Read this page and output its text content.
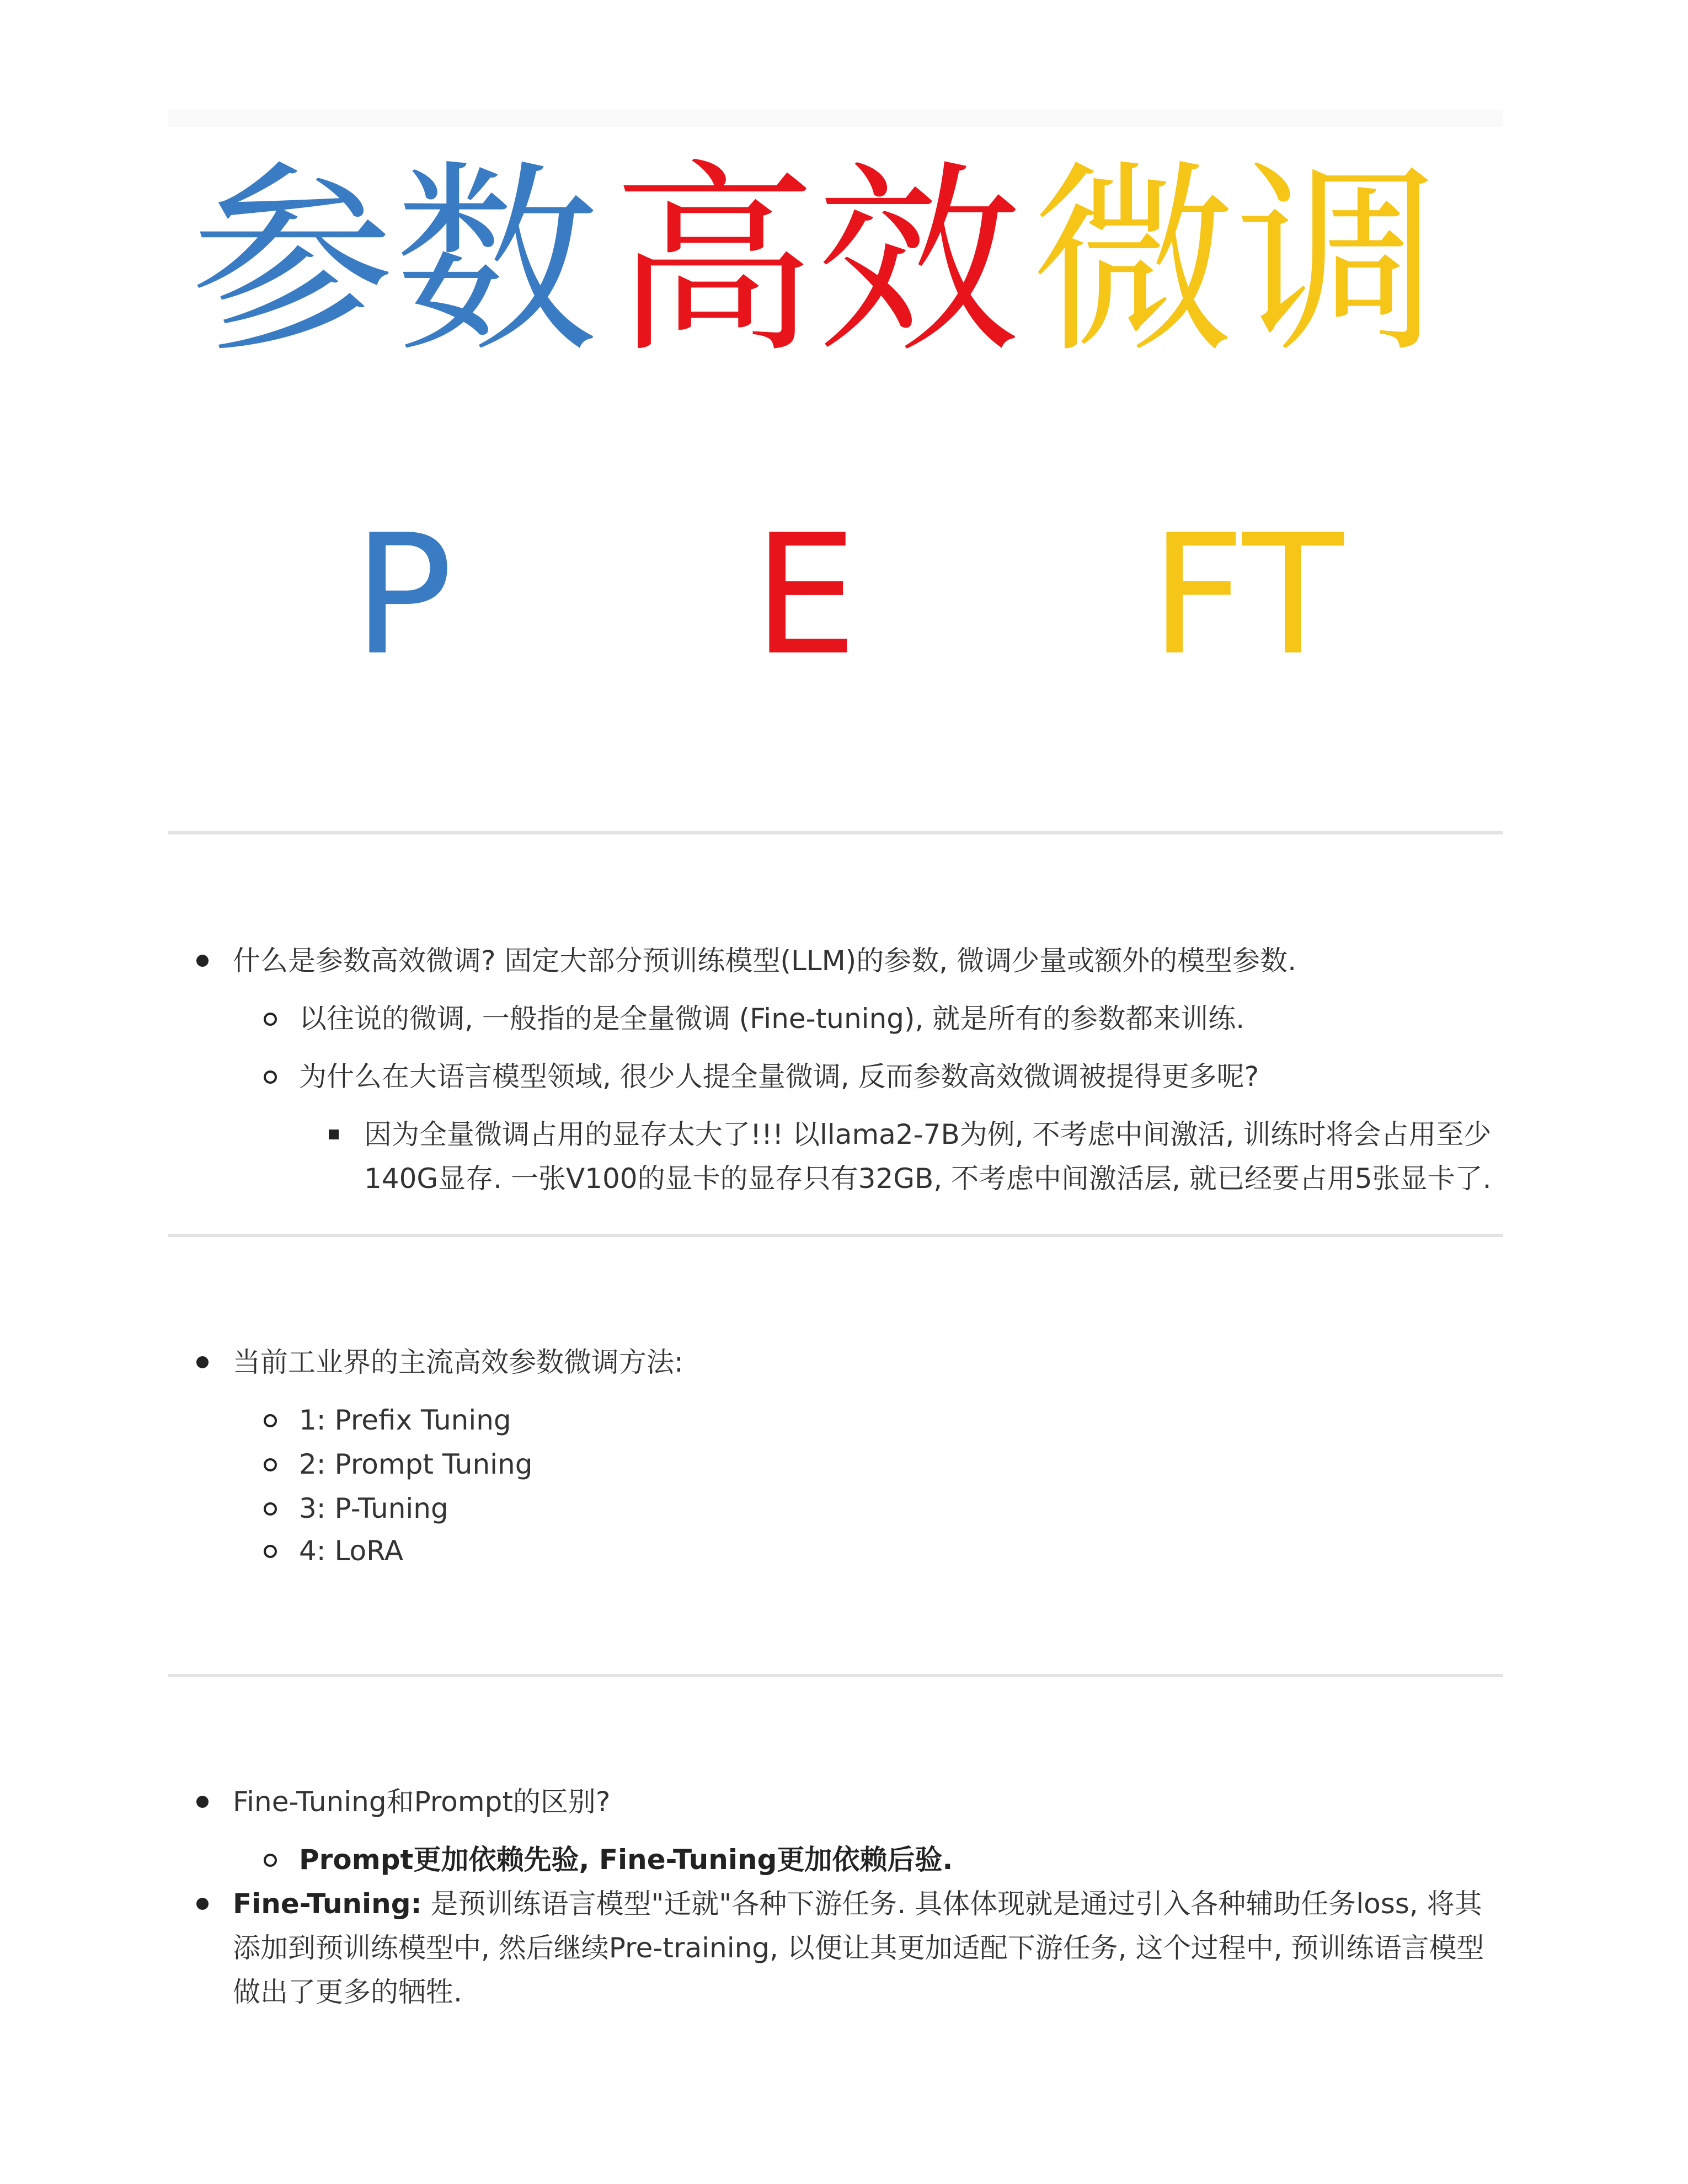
参数 高效 微调
P E FT
什么是参数高效微调? 固定大部分预训练模型(LLM)的参数, 微调少量或额外的模型参数.
以往说的微调, 一般指的是全量微调 (Fine-tuning), 就是所有的参数都来训练.
为什么在大语言模型领域, 很少人提全量微调, 反而参数高效微调被提得更多呢?
因为全量微调占用的显存太大了!!! 以llama2-7B为例, 不考虑中间激活, 训练时将会占用至少
140G显存. 一张V100的显卡的显存只有32GB, 不考虑中间激活层, 就已经要占用5张显卡了.
当前工业界的主流高效参数微调方法:
1: Prefix Tuning
2: Prompt Tuning
3: P-Tuning
4: LoRA
Fine-Tuning和Prompt的区别?
Prompt更加依赖先验, Fine-Tuning更加依赖后验.
Fine-Tuning: 是预训练语言模型"迁就"各种下游任务. 具体体现就是通过引入各种辅助任务loss, 将其
添加到预训练模型中, 然后继续Pre-training, 以便让其更加适配下游任务, 这个过程中, 预训练语言模型
做出了更多的牺牲.
